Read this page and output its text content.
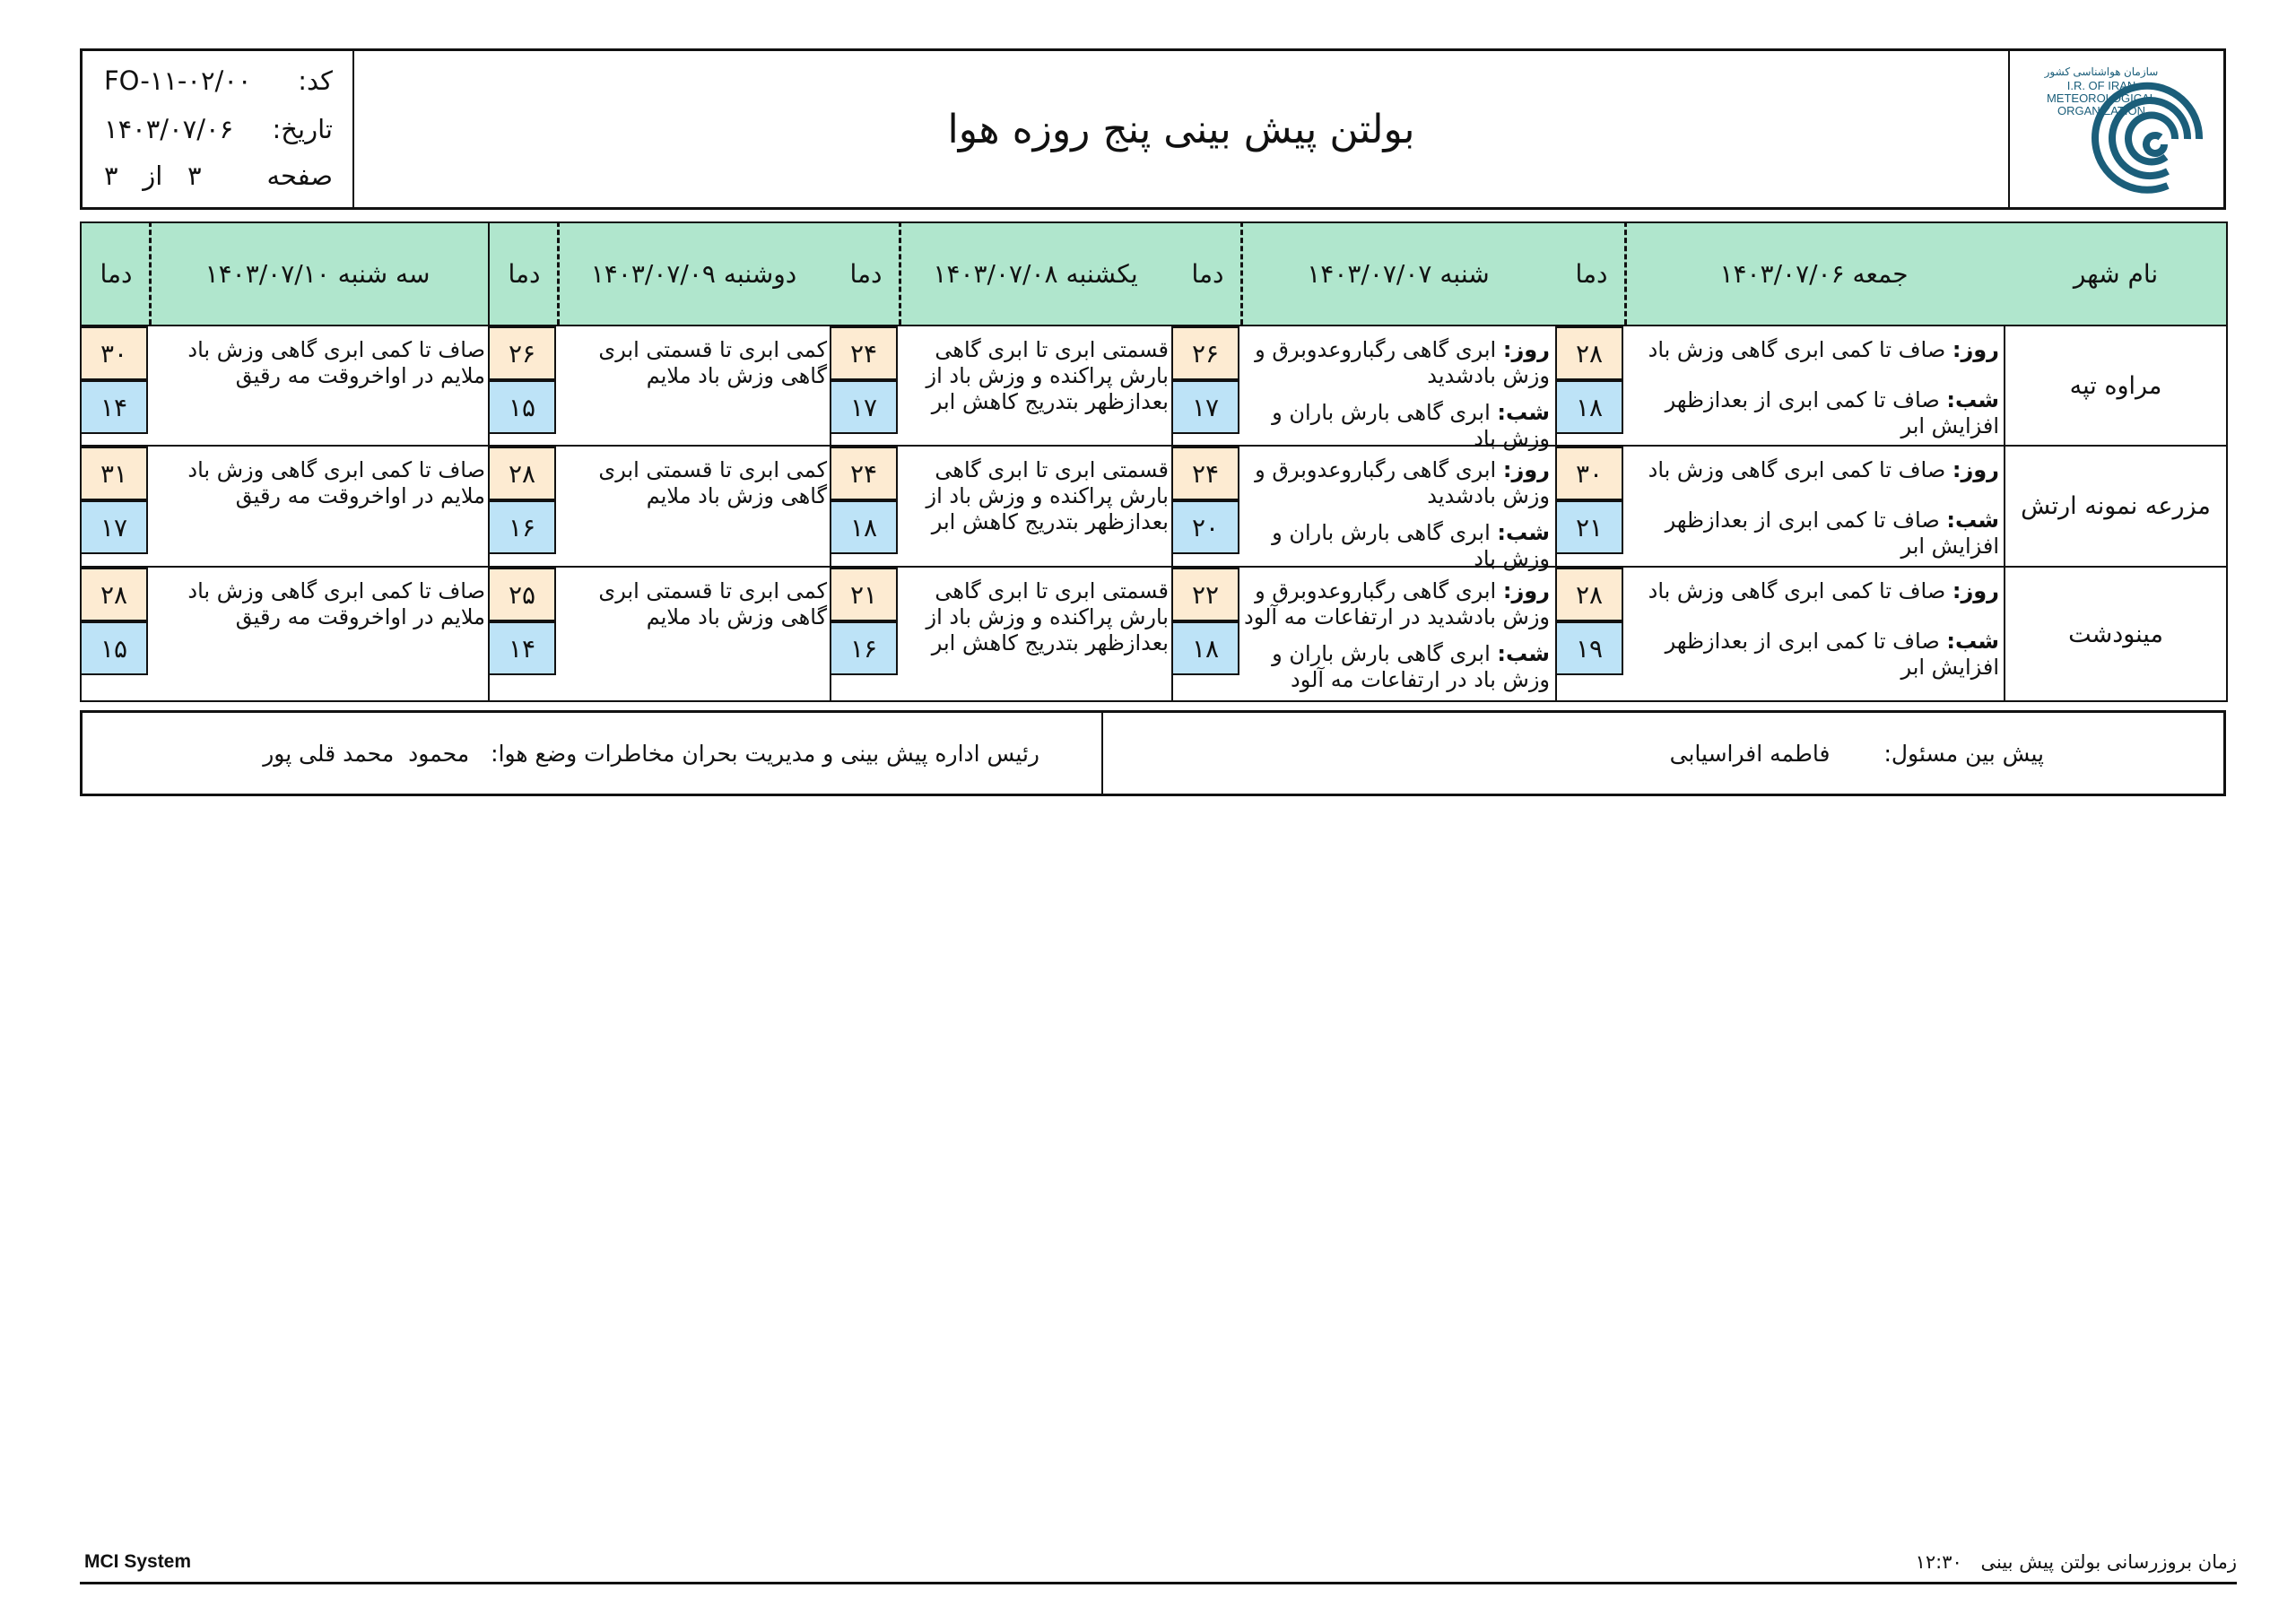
کد:
FO-۱۱-۰۲/۰۰
تاریخ:
۱۴۰۳/۰۷/۰۶
صفحه
۳   از   ۳
بولتن پیش بینی پنج روزه هوا
سازمان هواشناسی کشور
I.R. OF IRAN
METEOROLOGICAL
ORGANIZATION
نام شهر
جمعه ۱۴۰۳/۰۷/۰۶
دما
شنبه ۱۴۰۳/۰۷/۰۷
دما
یکشنبه ۱۴۰۳/۰۷/۰۸
دما
دوشنبه ۱۴۰۳/۰۷/۰۹
دما
سه شنبه ۱۴۰۳/۰۷/۱۰
دما
مراوه تپه
روز: صاف تا کمی ابری گاهی وزش باد
شب: صاف تا کمی ابری از بعدازظهر افزایش ابر
روز: ابری گاهی رگباروعدوبرق و وزش بادشدید
شب: ابری گاهی بارش باران و وزش باد
قسمتی ابری تا ابری گاهی بارش پراکنده و وزش باد از بعدازظهر بتدریج کاهش ابر
کمی ابری تا قسمتی ابری گاهی وزش باد ملایم
صاف تا کمی ابری گاهی وزش باد ملایم در اواخروقت مه رقیق
۲۸
۱۸
۲۶
۱۷
۲۴
۱۷
۲۶
۱۵
۳۰
۱۴
مزرعه نمونه ارتش
روز: صاف تا کمی ابری گاهی وزش باد
شب: صاف تا کمی ابری از بعدازظهر افزایش ابر
روز: ابری گاهی رگباروعدوبرق و وزش بادشدید
شب: ابری گاهی بارش باران و وزش باد
قسمتی ابری تا ابری گاهی بارش پراکنده و وزش باد از بعدازظهر بتدریج کاهش ابر
کمی ابری تا قسمتی ابری گاهی وزش باد ملایم
صاف تا کمی ابری گاهی وزش باد ملایم در اواخروقت مه رقیق
۳۰
۲۱
۲۴
۲۰
۲۴
۱۸
۲۸
۱۶
۳۱
۱۷
مینودشت
روز: صاف تا کمی ابری گاهی وزش باد
شب: صاف تا کمی ابری از بعدازظهر افزایش ابر
روز: ابری گاهی رگباروعدوبرق و وزش بادشدید در ارتفاعات مه آلود
شب: ابری گاهی بارش باران و وزش باد در ارتفاعات مه آلود
قسمتی ابری تا ابری گاهی بارش پراکنده و وزش باد از بعدازظهر بتدریج کاهش ابر
کمی ابری تا قسمتی ابری گاهی وزش باد ملایم
صاف تا کمی ابری گاهی وزش باد ملایم در اواخروقت مه رقیق
۲۸
۱۹
۲۲
۱۸
۲۱
۱۶
۲۵
۱۴
۲۸
۱۵
پیش بین مسئول:
فاطمه افراسیابی
رئیس اداره پیش بینی و مدیریت بحران مخاطرات وضع هوا:
محمود  محمد قلی پور
MCI System	زمان بروزرسانی بولتن پیش بینی ۱۲:۳۰
